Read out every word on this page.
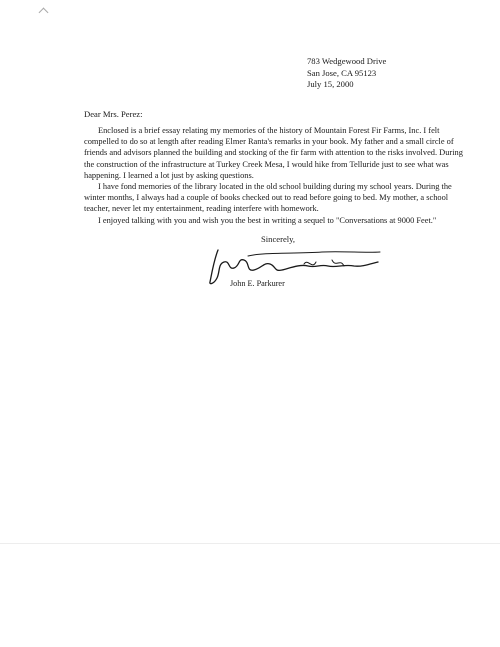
783 Wedgewood Drive
San Jose, CA 95123
July 15, 2000
Dear Mrs. Perez:

Enclosed is a brief essay relating my memories of the history of Mountain Forest Fir Farms, Inc. I felt compelled to do so at length after reading Elmer Ranta's remarks in your book. My father and a small circle of friends and advisors planned the building and stocking of the fir farm with attention to the risks involved. During the construction of the infrastructure at Turkey Creek Mesa, I would hike from Telluride just to see what was happening. I learned a lot just by asking questions.

I have fond memories of the library located in the old school building during my school years. During the winter months, I always had a couple of books checked out to read before going to bed. My mother, a school teacher, never let my entertainment, reading interfere with homework.

I enjoyed talking with you and wish you the best in writing a sequel to "Conversations at 9000 Feet."

Sincerely,
John E. Parkurer
